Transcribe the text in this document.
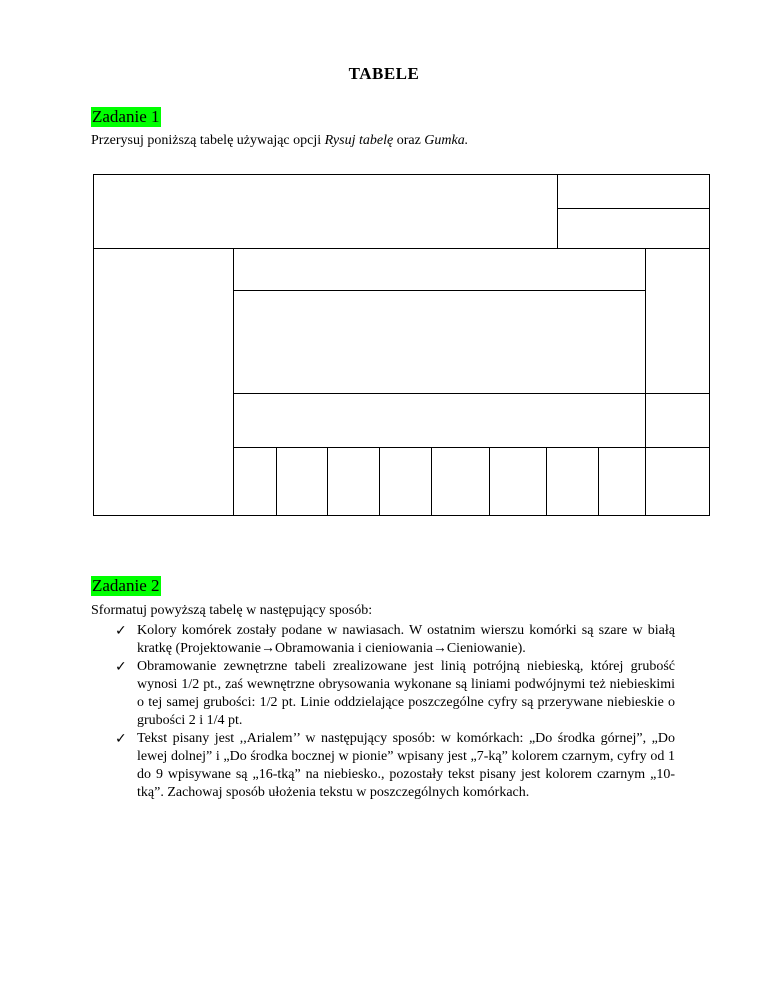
TABELE
Zadanie 1
Przerysuj poniższą tabelę używając opcji Rysuj tabelę oraz Gumka.
Zadanie 2
Sformatuj powyższą tabelę w następujący sposób:
✓ Kolory komórek zostały podane w nawiasach. W ostatnim wierszu komórki są szare w białą kratkę (Projektowanie→Obramowania i cieniowania→Cieniowanie).
✓ Obramowanie zewnętrzne tabeli zrealizowane jest linią potrójną niebieską, której grubość wynosi 1/2 pt., zaś wewnętrzne obrysowania wykonane są liniami podwójnymi też niebieskimi o tej samej grubości: 1/2 pt. Linie oddzielające poszczególne cyfry są przerywane niebieskie o grubości 2 i 1/4 pt.
✓ Tekst pisany jest ,,Arialem’’ w następujący sposób: w komórkach: „Do środka górnej”, „Do lewej dolnej” i „Do środka bocznej w pionie” wpisany jest „7-ką” kolorem czarnym, cyfry od 1 do 9 wpisywane są „16-tką” na niebiesko., pozostały tekst pisany jest kolorem czarnym „10-tką”. Zachowaj sposób ułożenia tekstu w poszczególnych komórkach.
